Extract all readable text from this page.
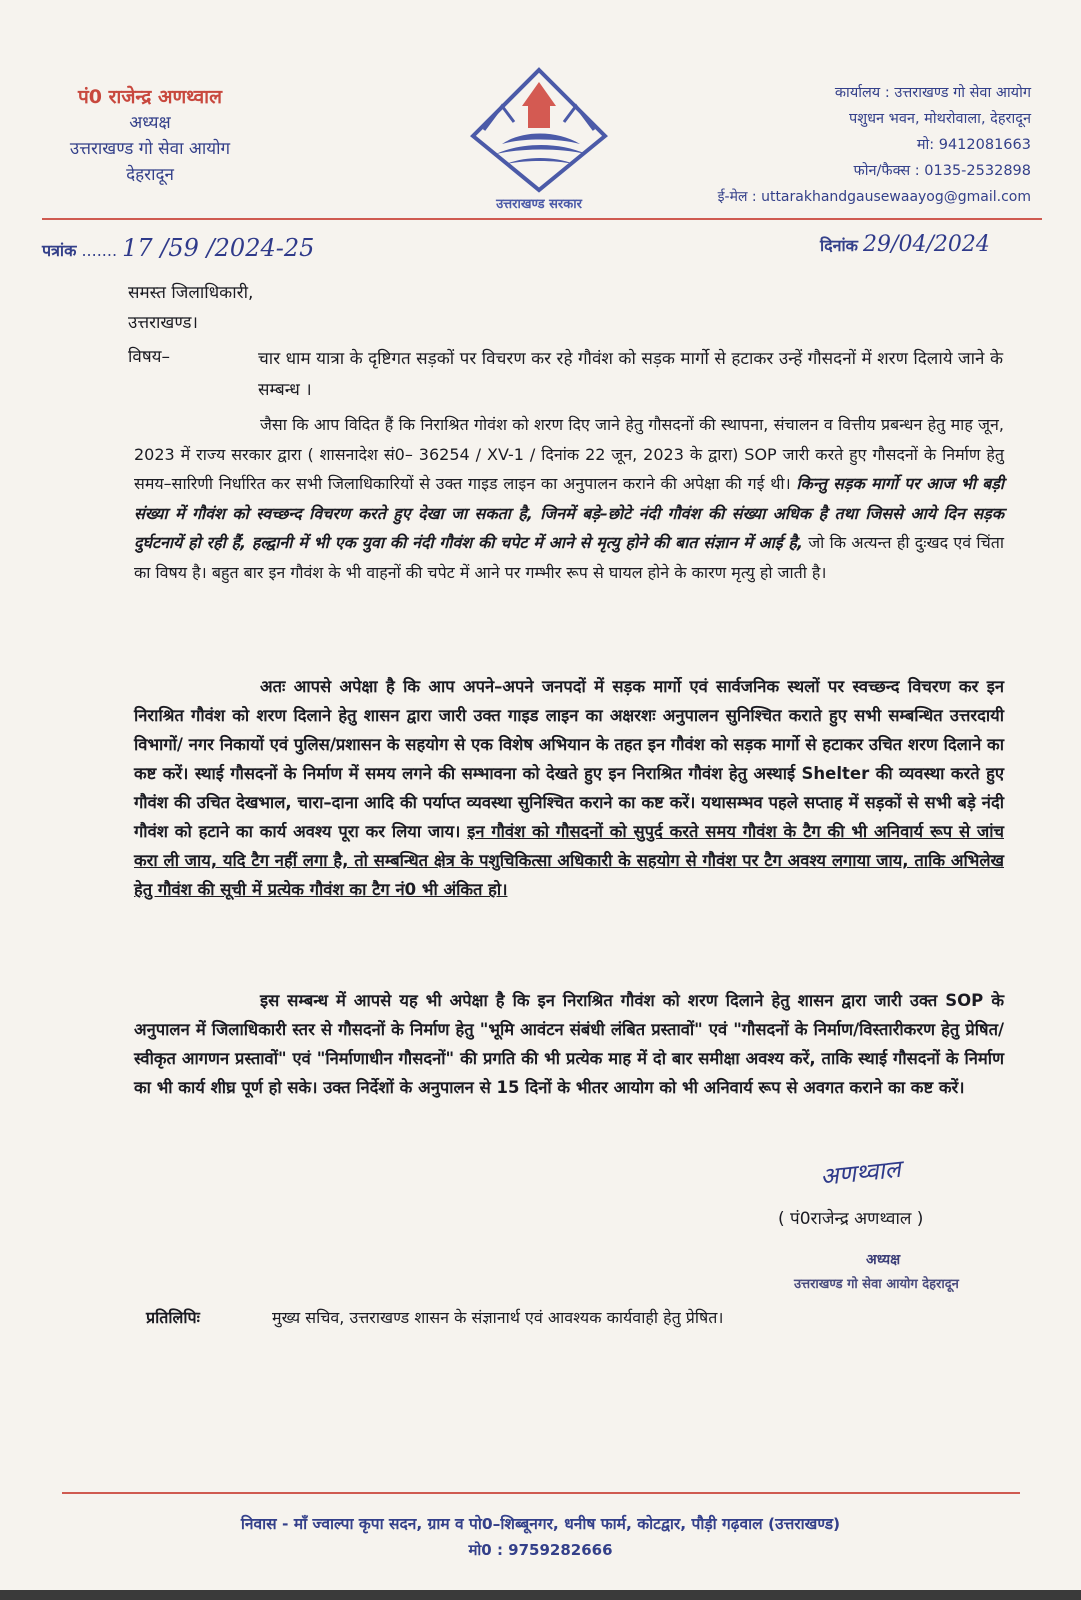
पं0 राजेन्द्र अणथ्वाल
अध्यक्ष
उत्तराखण्ड गो सेवा आयोग
देहरादून
उत्तराखण्ड सरकार
कार्यालय : उत्तराखण्ड गो सेवा आयोग
पशुधन भवन, मोथरोवाला, देहरादून
मो: 9412081663
फोन/फैक्स : 0135-2532898
ई-मेल : uttarakhandgausewaayog@gmail.com
पत्रांक ....... 17 /59 /2024-25	दिनांक 29/04/2024
समस्त जिलाधिकारी,
उत्तराखण्ड।
विषय–	चार धाम यात्रा के दृष्टिगत सड़कों पर विचरण कर रहे गौवंश को सड़क मार्गो से हटाकर उन्हें गौसदनों में शरण दिलाये जाने के सम्बन्ध ।
जैसा कि आप विदित हैं कि निराश्रित गोवंश को शरण दिए जाने हेतु गौसदनों की स्थापना, संचालन व वित्तीय प्रबन्धन हेतु माह जून, 2023 में राज्य सरकार द्वारा ( शासनादेश सं0– 36254 / XV-1 / दिनांक 22 जून, 2023 के द्वारा) SOP जारी करते हुए गौसदनों के निर्माण हेतु समय–सारिणी निर्धारित कर सभी जिलाधिकारियों से उक्त गाइड लाइन का अनुपालन कराने की अपेक्षा की गई थी। किन्तु सड़क मार्गो पर आज भी बड़ी संख्या में गौवंश को स्वच्छन्द विचरण करते हुए देखा जा सकता है, जिनमें बड़े–छोटे नंदी गौवंश की संख्या अधिक है तथा जिससे आये दिन सड़क दुर्घटनायें हो रही हैं, हल्द्वानी में भी एक युवा की नंदी गौवंश की चपेट में आने से मृत्यु होने की बात संज्ञान में आई है, जो कि अत्यन्त ही दुःखद एवं चिंता का विषय है। बहुत बार इन गौवंश के भी वाहनों की चपेट में आने पर गम्भीर रूप से घायल होने के कारण मृत्यु हो जाती है।
अतः आपसे अपेक्षा है कि आप अपने–अपने जनपदों में सड़क मार्गो एवं सार्वजनिक स्थलों पर स्वच्छन्द विचरण कर इन निराश्रित गौवंश को शरण दिलाने हेतु शासन द्वारा जारी उक्त गाइड लाइन का अक्षरशः अनुपालन सुनिश्चित कराते हुए सभी सम्बन्धित उत्तरदायी विभागों/ नगर निकायों एवं पुलिस/प्रशासन के सहयोग से एक विशेष अभियान के तहत इन गौवंश को सड़क मार्गो से हटाकर उचित शरण दिलाने का कष्ट करें। स्थाई गौसदनों के निर्माण में समय लगने की सम्भावना को देखते हुए इन निराश्रित गौवंश हेतु अस्थाई Shelter की व्यवस्था करते हुए गौवंश की उचित देखभाल, चारा–दाना आदि की पर्याप्त व्यवस्था सुनिश्चित कराने का कष्ट करें। यथासम्भव पहले सप्ताह में सड़कों से सभी बड़े नंदी गौवंश को हटाने का कार्य अवश्य पूरा कर लिया जाय। इन गौवंश को गौसदनों को सुपुर्द करते समय गौवंश के टैग की भी अनिवार्य रूप से जांच करा ली जाय, यदि टैग नहीं लगा है, तो सम्बन्धित क्षेत्र के पशुचिकित्सा अधिकारी के सहयोग से गौवंश पर टैग अवश्य लगाया जाय, ताकि अभिलेख हेतु गौवंश की सूची में प्रत्येक गौवंश का टैग नं0 भी अंकित हो।
इस सम्बन्ध में आपसे यह भी अपेक्षा है कि इन निराश्रित गौवंश को शरण दिलाने हेतु शासन द्वारा जारी उक्त SOP के अनुपालन में जिलाधिकारी स्तर से गौसदनों के निर्माण हेतु "भूमि आवंटन संबंधी लंबित प्रस्तावों" एवं "गौसदनों के निर्माण/विस्तारीकरण हेतु प्रेषित/स्वीकृत आगणन प्रस्तावों" एवं "निर्माणाधीन गौसदनों" की प्रगति की भी प्रत्येक माह में दो बार समीक्षा अवश्य करें, ताकि स्थाई गौसदनों के निर्माण का भी कार्य शीघ्र पूर्ण हो सके। उक्त निर्देशों के अनुपालन से 15 दिनों के भीतर आयोग को भी अनिवार्य रूप से अवगत कराने का कष्ट करें।
अणथ्वाल
( पं0राजेन्द्र अणथ्वाल )
अध्यक्ष
उत्तराखण्ड गो सेवा आयोग देहरादून
प्रतिलिपिः	मुख्य सचिव, उत्तराखण्ड शासन के संज्ञानार्थ एवं आवश्यक कार्यवाही हेतु प्रेषित।
निवास - माँ ज्वाल्पा कृपा सदन, ग्राम व पो0–शिब्बूनगर, धनीष फार्म, कोटद्वार, पौड़ी गढ़वाल (उत्तराखण्ड)
मो0 : 9759282666
